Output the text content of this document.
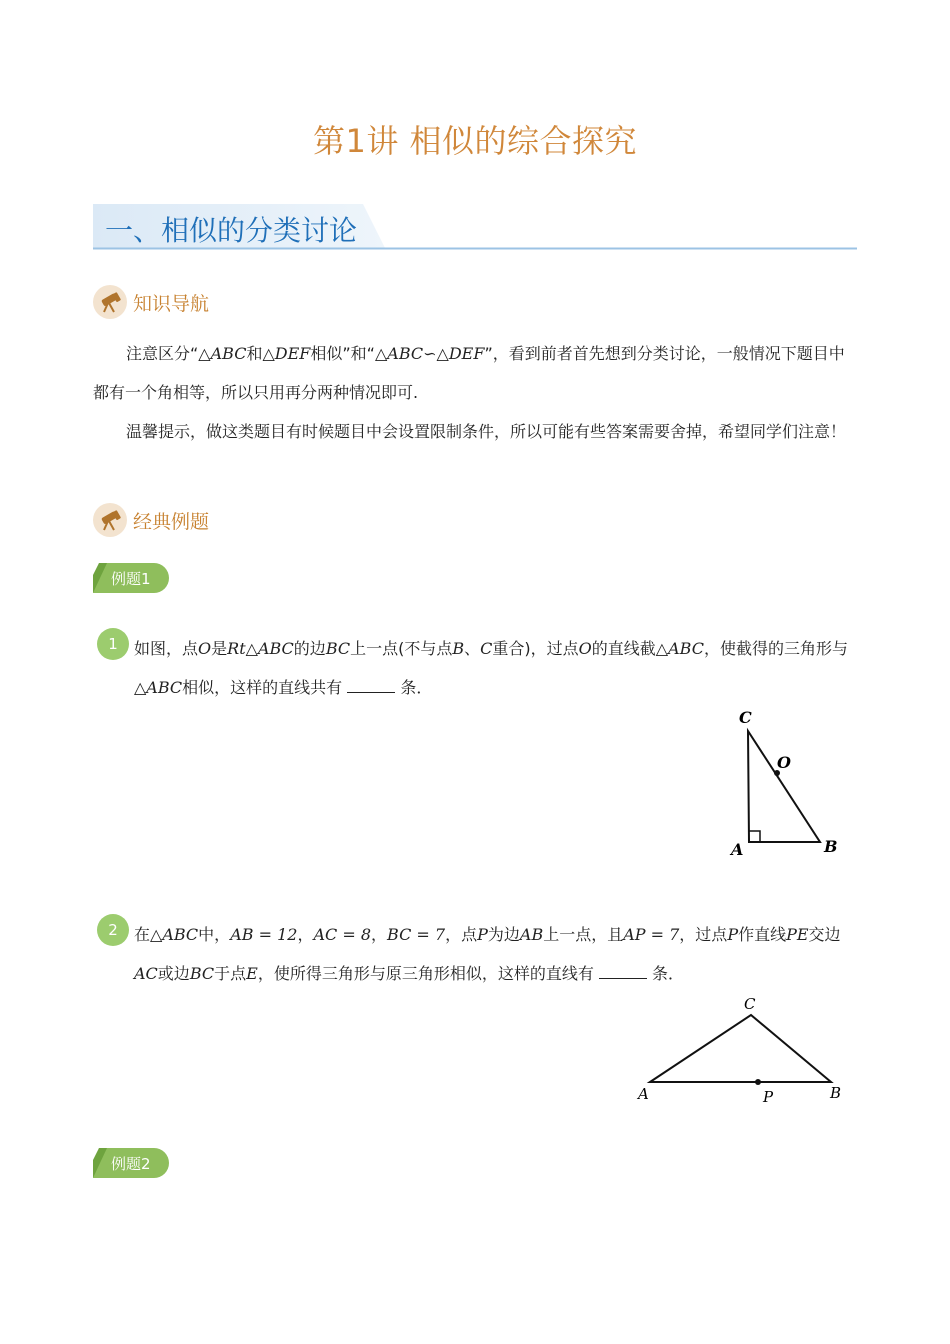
第1讲 相似的综合探究
一、相似的分类讨论
知识导航
注意区分“△ABC和△DEF相似”和“△ABC∽△DEF”，看到前者首先想到分类讨论，一般情况下题目中都有一个角相等，所以只用再分两种情况即可.
温馨提示，做这类题目有时候题目中会设置限制条件，所以可能有些答案需要舍掉，希望同学们注意！
经典例题
例题1
1	如图，点O是Rt△ABC的边BC上一点(不与点B、C重合)，过点O的直线截△ABC，使截得的三角形与△ABC相似，这样的直线共有	条．
C
O
A	B
2	在△ABC中，AB = 12，AC = 8，BC = 7，点P为边AB上一点，且AP = 7，过点P作直线PE交边AC或边BC于点E，使所得三角形与原三角形相似，这样的直线有	条．
C
A	P	B
例题2
